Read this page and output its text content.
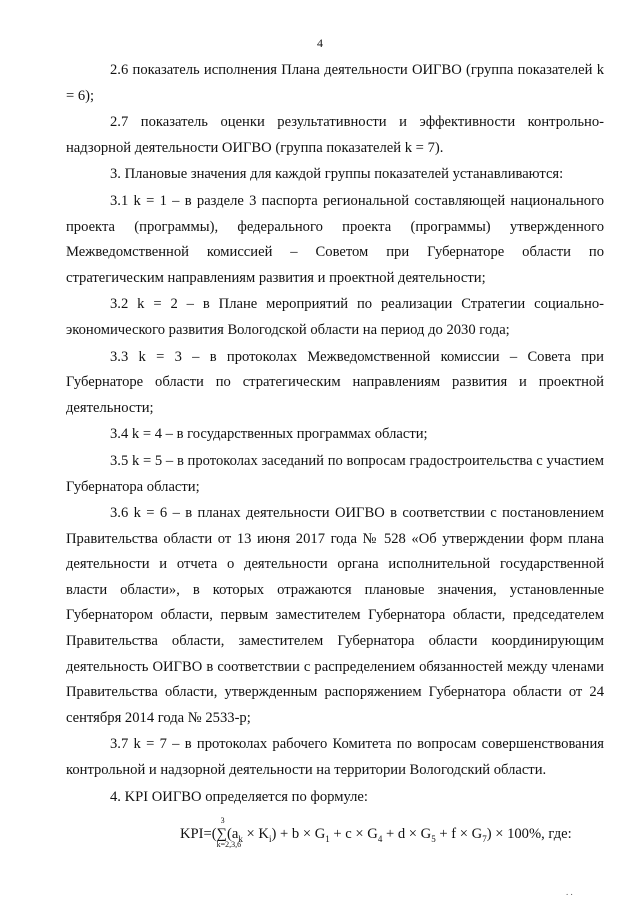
4

2.6 показатель исполнения Плана деятельности ОИГВО (группа показателей k = 6);

2.7 показатель оценки результативности и эффективности контрольно-надзорной деятельности ОИГВО (группа показателей k = 7).

3. Плановые значения для каждой группы показателей устанавливаются:

3.1 k = 1 – в разделе 3 паспорта региональной составляющей национального проекта (программы), федерального проекта (программы) утвержденного Межведомственной комиссией – Советом при Губернаторе области по стратегическим направлениям развития и проектной деятельности;

3.2 k = 2 – в Плане мероприятий по реализации Стратегии социально-экономического развития Вологодской области на период до 2030 года;

3.3 k = 3 – в протоколах Межведомственной комиссии – Совета при Губернаторе области по стратегическим направлениям развития и проектной деятельности;

3.4 k = 4 – в государственных программах области;

3.5 k = 5 – в протоколах заседаний по вопросам градостроительства с участием Губернатора области;

3.6 k = 6 – в планах деятельности ОИГВО в соответствии с постановлением Правительства области от 13 июня 2017 года № 528 «Об утверждении форм плана деятельности и отчета о деятельности органа исполнительной государственной власти области», в которых отражаются плановые значения, установленные Губернатором области, первым заместителем Губернатора области, председателем Правительства области, заместителем Губернатора области координирующим деятельность ОИГВО в соответствии с распределением обязанностей между членами Правительства области, утвержденным распоряжением Губернатора области от 24 сентября 2014 года № 2533-р;

3.7 k = 7 – в протоколах рабочего Комитета по вопросам совершенствования контрольной и надзорной деятельности на территории Вологодский области.

4. KPI ОИГВО определяется по формуле:

KPI=(∑
3
k=2,3,6
$(a_k \times K_i) + b \times G_1 + c \times G_4 + d \times G_5 + f \times G_7) \times 100\%$, где:
. .
